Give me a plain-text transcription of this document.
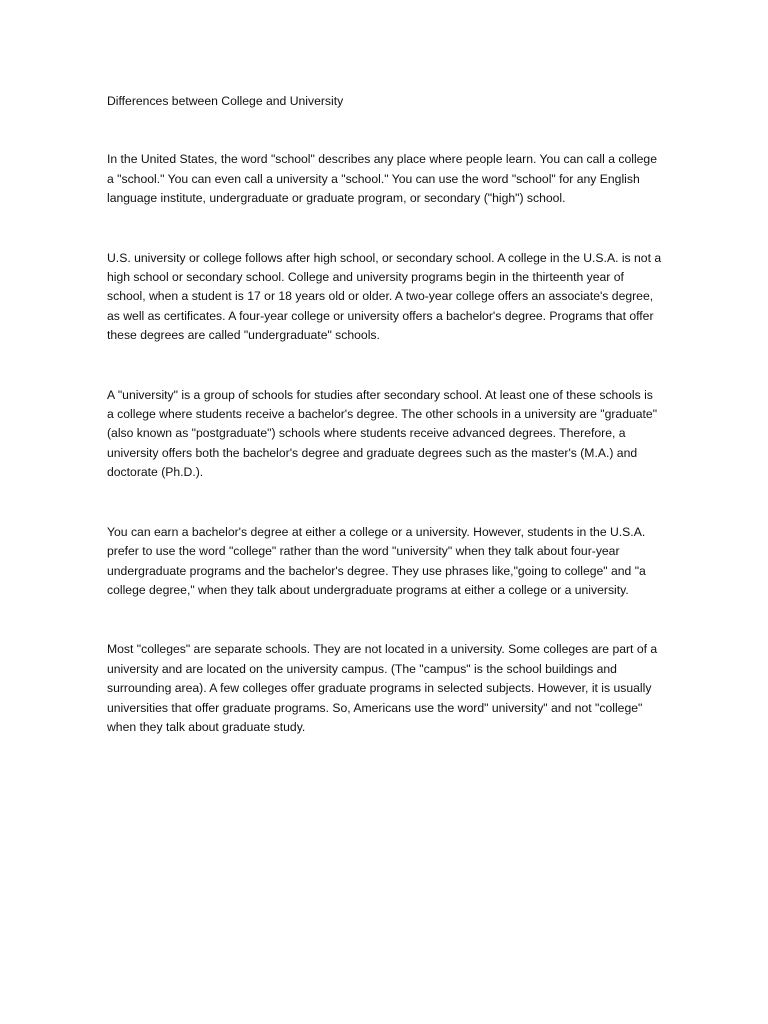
Differences between College and University

In the United States, the word "school" describes any place where people learn. You can call a college a "school." You can even call a university a "school." You can use the word "school" for any English language institute, undergraduate or graduate program, or secondary ("high") school.

U.S. university or college follows after high school, or secondary school. A college in the U.S.A. is not a high school or secondary school. College and university programs begin in the thirteenth year of school, when a student is 17 or 18 years old or older. A two-year college offers an associate's degree, as well as certificates. A four-year college or university offers a bachelor's degree. Programs that offer these degrees are called "undergraduate" schools.

A "university" is a group of schools for studies after secondary school. At least one of these schools is a college where students receive a bachelor's degree. The other schools in a university are "graduate" (also known as "postgraduate") schools where students receive advanced degrees. Therefore, a university offers both the bachelor's degree and graduate degrees such as the master's (M.A.) and doctorate (Ph.D.).

You can earn a bachelor's degree at either a college or a university. However, students in the U.S.A. prefer to use the word "college" rather than the word "university" when they talk about four-year undergraduate programs and the bachelor's degree. They use phrases like,"going to college" and "a college degree," when they talk about undergraduate programs at either a college or a university.

Most "colleges" are separate schools. They are not located in a university. Some colleges are part of a university and are located on the university campus. (The "campus" is the school buildings and surrounding area). A few colleges offer graduate programs in selected subjects. However, it is usually universities that offer graduate programs. So, Americans use the word" university" and not "college" when they talk about graduate study.
